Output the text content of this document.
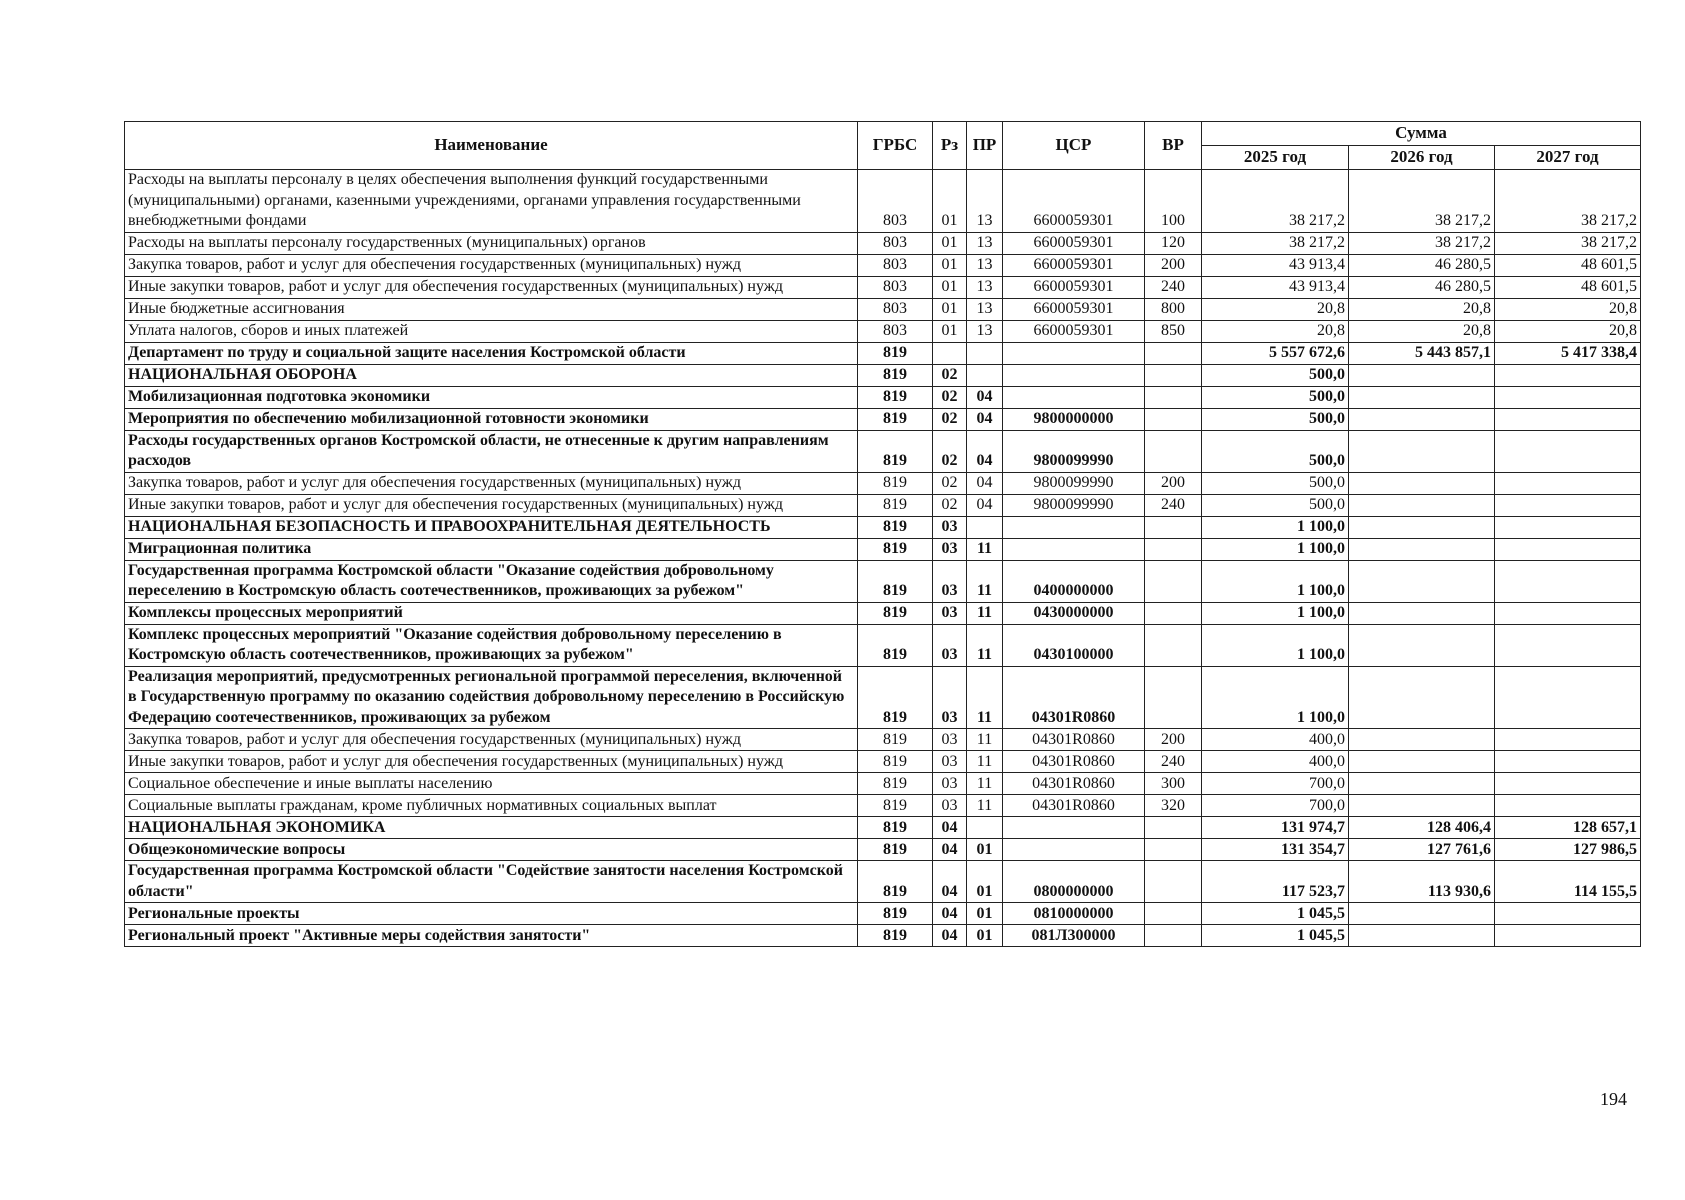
Наименование	ГРБС	Рз	ПР	ЦСР	ВР	Сумма		
						2025 год	2026 год	2027 год
Расходы на выплаты персоналу в целях обеспечения выполнения функций государственными (муниципальными) органами, казенными учреждениями, органами управления государственными внебюджетными фондами	803	01	13	6600059301	100	38 217,2	38 217,2	38 217,2
Расходы на выплаты персоналу государственных (муниципальных) органов	803	01	13	6600059301	120	38 217,2	38 217,2	38 217,2
Закупка товаров, работ и услуг для обеспечения государственных (муниципальных) нужд	803	01	13	6600059301	200	43 913,4	46 280,5	48 601,5
Иные закупки товаров, работ и услуг для обеспечения государственных (муниципальных) нужд	803	01	13	6600059301	240	43 913,4	46 280,5	48 601,5
Иные бюджетные ассигнования	803	01	13	6600059301	800	20,8	20,8	20,8
Уплата налогов, сборов и иных платежей	803	01	13	6600059301	850	20,8	20,8	20,8
Департамент по труду и социальной защите населения Костромской области	819					5 557 672,6	5 443 857,1	5 417 338,4
НАЦИОНАЛЬНАЯ ОБОРОНА	819	02				500,0		
Мобилизационная подготовка экономики	819	02	04			500,0		
Мероприятия по обеспечению мобилизационной готовности экономики	819	02	04	9800000000		500,0		
Расходы государственных органов Костромской области, не отнесенные к другим направлениям расходов	819	02	04	9800099990		500,0		
Закупка товаров, работ и услуг для обеспечения государственных (муниципальных) нужд	819	02	04	9800099990	200	500,0		
Иные закупки товаров, работ и услуг для обеспечения государственных (муниципальных) нужд	819	02	04	9800099990	240	500,0		
НАЦИОНАЛЬНАЯ БЕЗОПАСНОСТЬ И ПРАВООХРАНИТЕЛЬНАЯ ДЕЯТЕЛЬНОСТЬ	819	03				1 100,0		
Миграционная политика	819	03	11			1 100,0		
Государственная программа Костромской области "Оказание содействия добровольному переселению в Костромскую область соотечественников, проживающих за рубежом"	819	03	11	0400000000		1 100,0		
Комплексы процессных мероприятий	819	03	11	0430000000		1 100,0		
Комплекс процессных мероприятий "Оказание содействия добровольному переселению в Костромскую область соотечественников, проживающих за рубежом"	819	03	11	0430100000		1 100,0		
Реализация мероприятий, предусмотренных региональной программой переселения, включенной в Государственную программу по оказанию содействия добровольному переселению в Российскую Федерацию соотечественников, проживающих за рубежом	819	03	11	04301R0860		1 100,0		
Закупка товаров, работ и услуг для обеспечения государственных (муниципальных) нужд	819	03	11	04301R0860	200	400,0		
Иные закупки товаров, работ и услуг для обеспечения государственных (муниципальных) нужд	819	03	11	04301R0860	240	400,0		
Социальное обеспечение и иные выплаты населению	819	03	11	04301R0860	300	700,0		
Социальные выплаты гражданам, кроме публичных нормативных социальных выплат	819	03	11	04301R0860	320	700,0		
НАЦИОНАЛЬНАЯ ЭКОНОМИКА	819	04				131 974,7	128 406,4	128 657,1
Общеэкономические вопросы	819	04	01			131 354,7	127 761,6	127 986,5
Государственная программа Костромской области "Содействие занятости населения Костромской области"	819	04	01	0800000000		117 523,7	113 930,6	114 155,5
Региональные проекты	819	04	01	0810000000		1 045,5		
Региональный проект "Активные меры содействия занятости"	819	04	01	081Л300000		1 045,5		
194
